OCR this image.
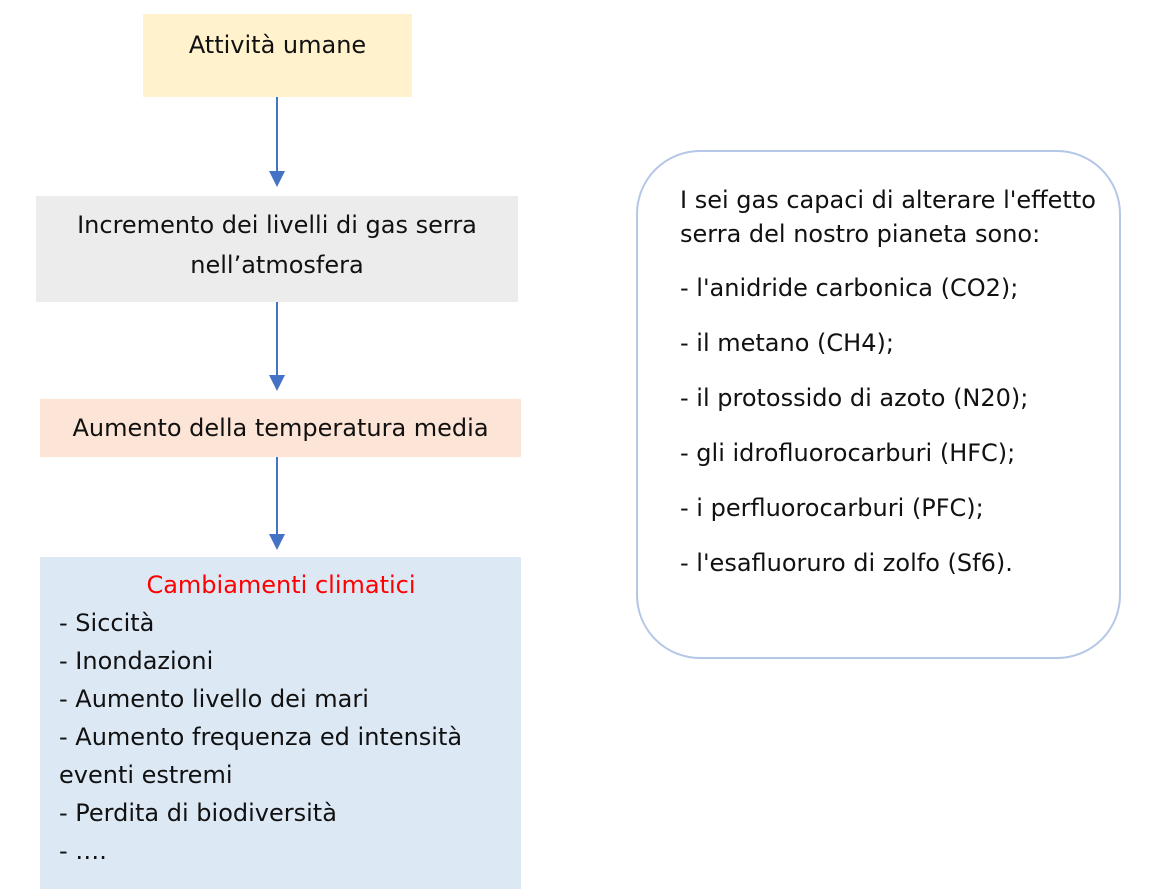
Attività umane
Incremento dei livelli di gas serra
nell’atmosfera
Aumento della temperatura media
Cambiamenti climatici
- Siccità
- Inondazioni
- Aumento livello dei mari
- Aumento frequenza ed intensità eventi estremi
- Perdita di biodiversità
- ….

I sei gas capaci di alterare l'effetto serra del nostro pianeta sono:

- l'anidride carbonica (CO2);
- il metano (CH4);
- il protossido di azoto (N20);
- gli idrofluorocarburi (HFC);
- i perfluorocarburi (PFC);
- l'esafluoruro di zolfo (Sf6).
